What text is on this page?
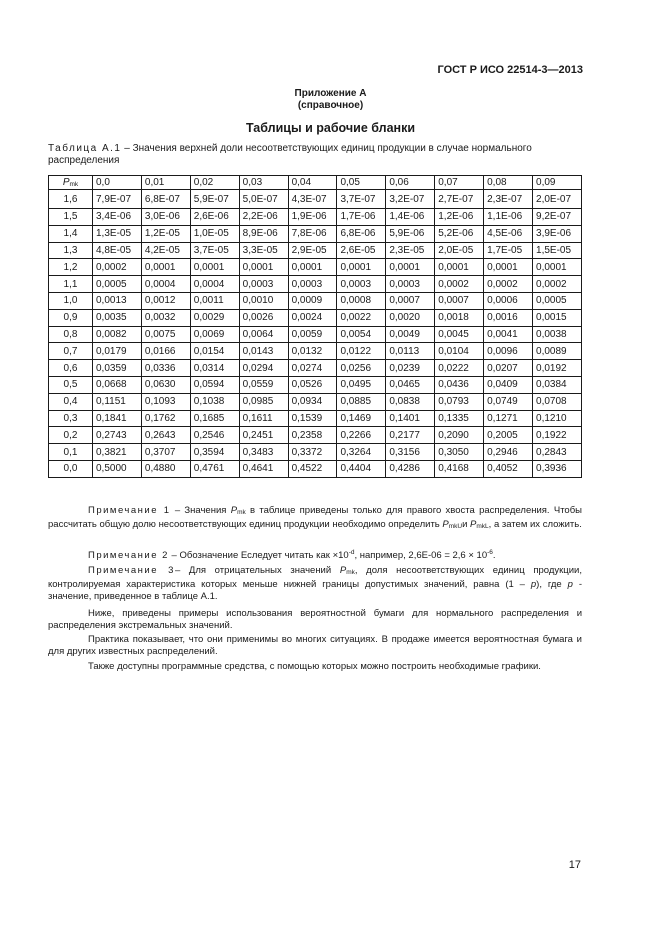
ГОСТ Р ИСО 22514-3—2013
Приложение А
(справочное)
Таблицы и рабочие бланки
Таблица А.1 – Значения верхней доли несоответствующих единиц продукции в случае нормального распределения
Pmk	0,0	0,01	0,02	0,03	0,04	0,05	0,06	0,07	0,08	0,09
1,6	7,9E-07	6,8E-07	5,9E-07	5,0E-07	4,3E-07	3,7E-07	3,2E-07	2,7E-07	2,3E-07	2,0E-07
1,5	3,4E-06	3,0E-06	2,6E-06	2,2E-06	1,9E-06	1,7E-06	1,4E-06	1,2E-06	1,1E-06	9,2E-07
1,4	1,3E-05	1,2E-05	1,0E-05	8,9E-06	7,8E-06	6,8E-06	5,9E-06	5,2E-06	4,5E-06	3,9E-06
1,3	4,8E-05	4,2E-05	3,7E-05	3,3E-05	2,9E-05	2,6E-05	2,3E-05	2,0E-05	1,7E-05	1,5E-05
1,2	0,0002	0,0001	0,0001	0,0001	0,0001	0,0001	0,0001	0,0001	0,0001	0,0001
1,1	0,0005	0,0004	0,0004	0,0003	0,0003	0,0003	0,0003	0,0002	0,0002	0,0002
1,0	0,0013	0,0012	0,0011	0,0010	0,0009	0,0008	0,0007	0,0007	0,0006	0,0005
0,9	0,0035	0,0032	0,0029	0,0026	0,0024	0,0022	0,0020	0,0018	0,0016	0,0015
0,8	0,0082	0,0075	0,0069	0,0064	0,0059	0,0054	0,0049	0,0045	0,0041	0,0038
0,7	0,0179	0,0166	0,0154	0,0143	0,0132	0,0122	0,0113	0,0104	0,0096	0,0089
0,6	0,0359	0,0336	0,0314	0,0294	0,0274	0,0256	0,0239	0,0222	0,0207	0,0192
0,5	0,0668	0,0630	0,0594	0,0559	0,0526	0,0495	0,0465	0,0436	0,0409	0,0384
0,4	0,1151	0,1093	0,1038	0,0985	0,0934	0,0885	0,0838	0,0793	0,0749	0,0708
0,3	0,1841	0,1762	0,1685	0,1611	0,1539	0,1469	0,1401	0,1335	0,1271	0,1210
0,2	0,2743	0,2643	0,2546	0,2451	0,2358	0,2266	0,2177	0,2090	0,2005	0,1922
0,1	0,3821	0,3707	0,3594	0,3483	0,3372	0,3264	0,3156	0,3050	0,2946	0,2843
0,0	0,5000	0,4880	0,4761	0,4641	0,4522	0,4404	0,4286	0,4168	0,4052	0,3936
Примечание 1 – Значения Pmk в таблице приведены только для правого хвоста распределения. Чтобы рассчитать общую долю несоответствующих единиц продукции необходимо определить PmkUи PmkL, а затем их сложить.
Примечание 2 – Обозначение Еследует читать как $\times 10^{-d}$, например, $2,6E-06 = 2,6 \times 10^{-6}$.
Примечание 3– Для отрицательных значений Pmk, доля несоответствующих единиц продукции, контролируемая характеристика которых меньше нижней границы допустимых значений, равна (1 – p), где p - значение, приведенное в таблице А.1.
Ниже, приведены примеры использования вероятностной бумаги для нормального распределения и распределения экстремальных значений.
Практика показывает, что они применимы во многих ситуациях. В продаже имеется вероятностная бумага и для других известных распределений.
Также доступны программные средства, с помощью которых можно построить необходимые графики.
17
